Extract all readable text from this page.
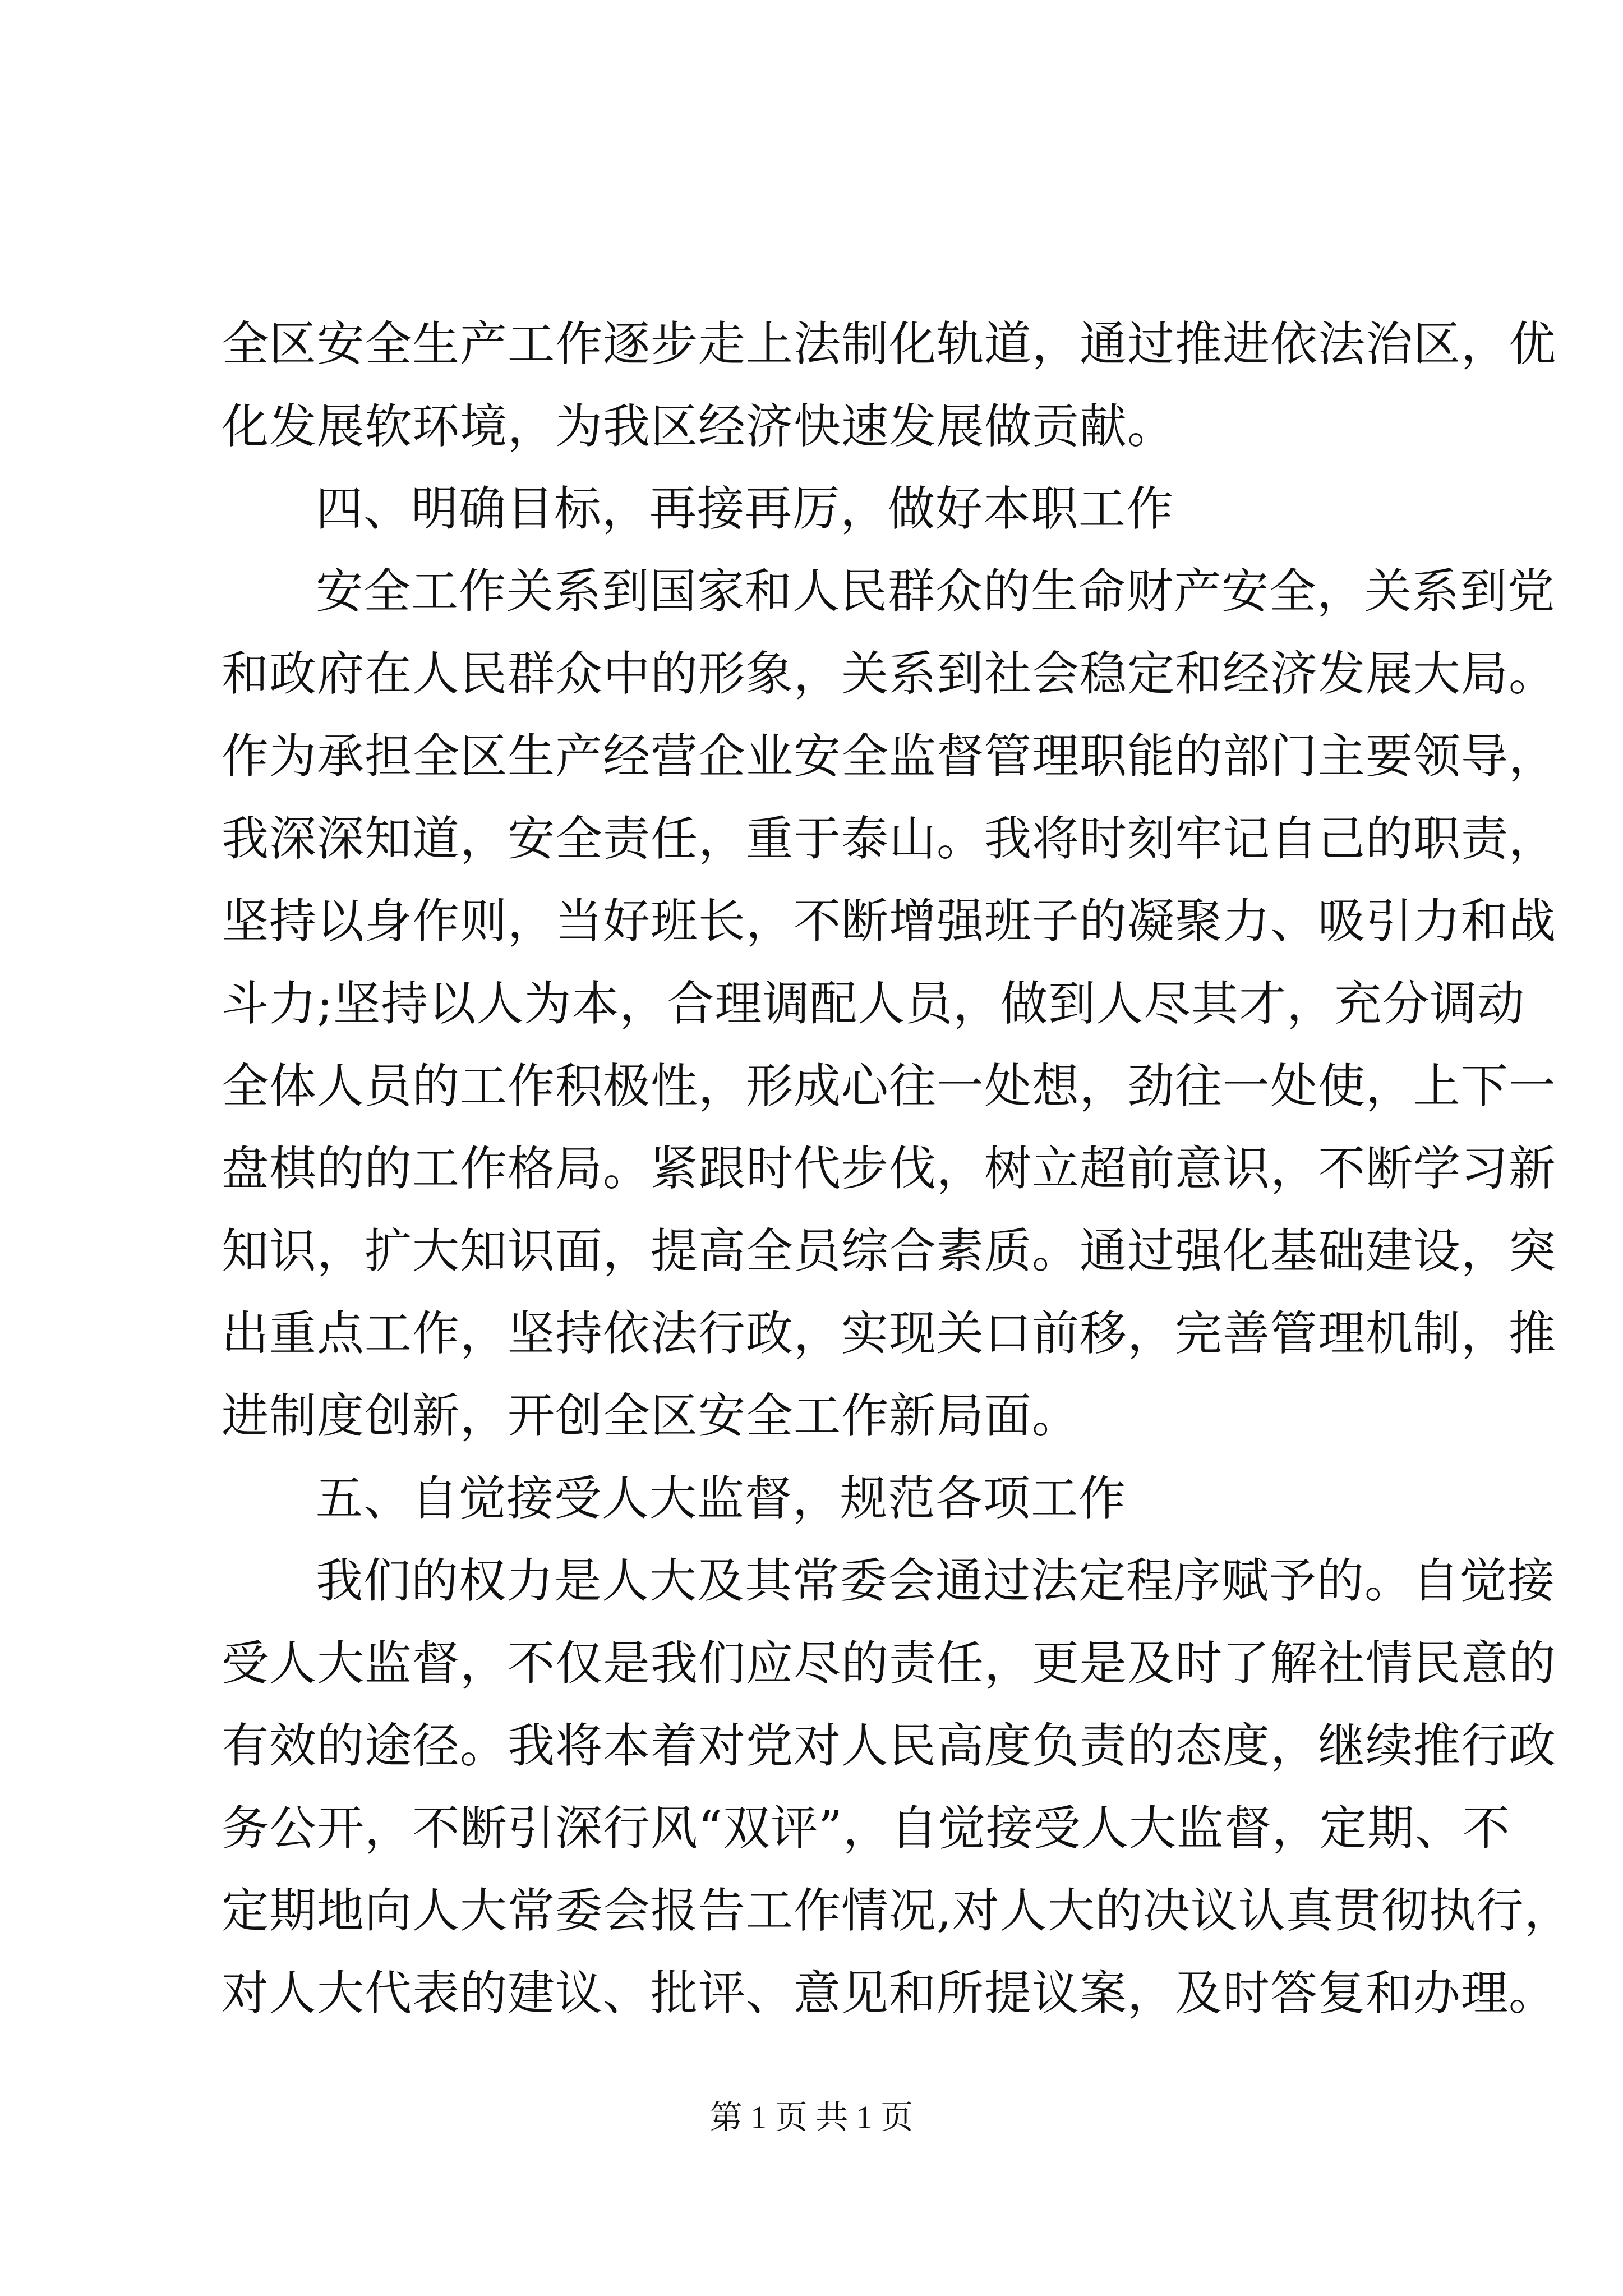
全区安全生产工作逐步走上法制化轨道，通过推进依法治区，优
化发展软环境，为我区经济快速发展做贡献。
四、明确目标，再接再厉，做好本职工作
安全工作关系到国家和人民群众的生命财产安全，关系到党
和政府在人民群众中的形象，关系到社会稳定和经济发展大局。
作为承担全区生产经营企业安全监督管理职能的部门主要领导，
我深深知道，安全责任，重于泰山。我将时刻牢记自己的职责，
坚持以身作则，当好班长，不断增强班子的凝聚力、吸引力和战
斗力;坚持以人为本，合理调配人员，做到人尽其才，充分调动
全体人员的工作积极性，形成心往一处想，劲往一处使，上下一
盘棋的的工作格局。紧跟时代步伐，树立超前意识，不断学习新
知识，扩大知识面，提高全员综合素质。通过强化基础建设，突
出重点工作，坚持依法行政，实现关口前移，完善管理机制，推
进制度创新，开创全区安全工作新局面。
五、自觉接受人大监督，规范各项工作
我们的权力是人大及其常委会通过法定程序赋予的。自觉接
受人大监督，不仅是我们应尽的责任，更是及时了解社情民意的
有效的途径。我将本着对党对人民高度负责的态度，继续推行政
务公开，不断引深行风“双评”，自觉接受人大监督，定期、不
定期地向人大常委会报告工作情况,对人大的决议认真贯彻执行，
对人大代表的建议、批评、意见和所提议案，及时答复和办理。
第 1 页 共 1 页
